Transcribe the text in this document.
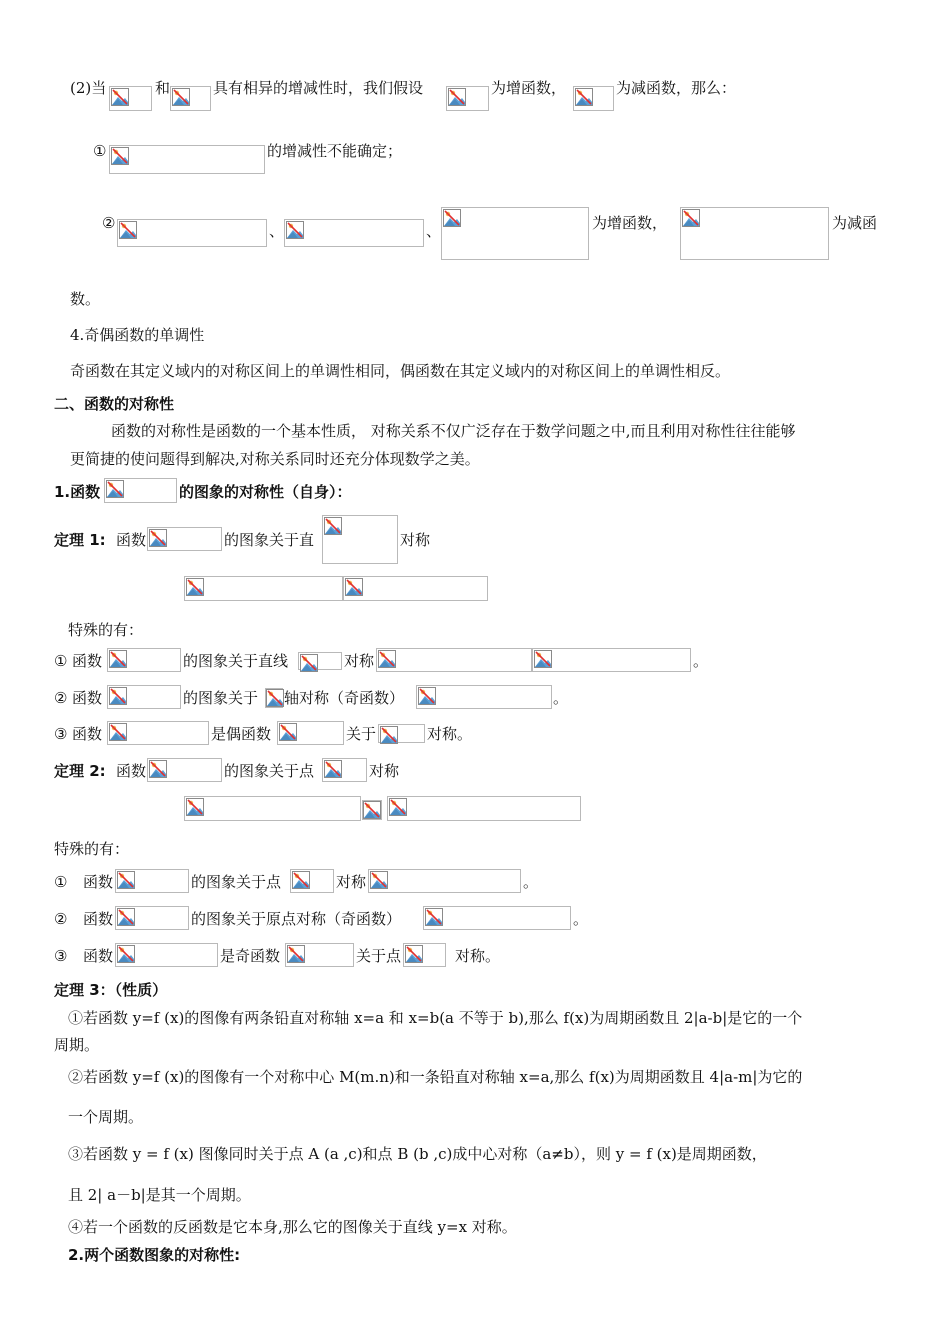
(2)当	和	具有相异的增减性时，我们假设	为增函数，	为减函数，那么：
①	的增减性不能确定；
②	、	、	为增函数，	为减函
数。
4.奇偶函数的单调性
奇函数在其定义域内的对称区间上的单调性相同，偶函数在其定义域内的对称区间上的单调性相反。
二、函数的对称性
函数的对称性是函数的一个基本性质， 对称关系不仅广泛存在于数学问题之中,而且利用对称性往往能够
更简捷的使问题得到解决,对称关系同时还充分体现数学之美。
1.函数	的图象的对称性（自身）：
定理 1: 函数	的图象关于直	对称
特殊的有：
① 函数	的图象关于直线	对称	。
② 函数	的图象关于 轴对称（奇函数）	。
③ 函数	是偶函数	关于	对称。
定理 2: 函数	的图象关于点	对称
特殊的有：
① 函数	的图象关于点	对称	。
② 函数	的图象关于原点对称（奇函数）	。
③ 函数	是奇函数	关于点	对称。
定理 3：（性质）
①若函数 y=f (x)的图像有两条铅直对称轴 x=a 和 x=b(a 不等于 b),那么 f(x)为周期函数且 2|a-b|是它的一个
周期。
②若函数 y=f (x)的图像有一个对称中心 M(m.n)和一条铅直对称轴 x=a,那么 f(x)为周期函数且 4|a-m|为它的
一个周期。
③若函数 y = f (x) 图像同时关于点 A (a ,c)和点 B (b ,c)成中心对称（a≠b），则 y = f (x)是周期函数，
且 2| a－b|是其一个周期。
④若一个函数的反函数是它本身,那么它的图像关于直线 y=x 对称。
2.两个函数图象的对称性:
